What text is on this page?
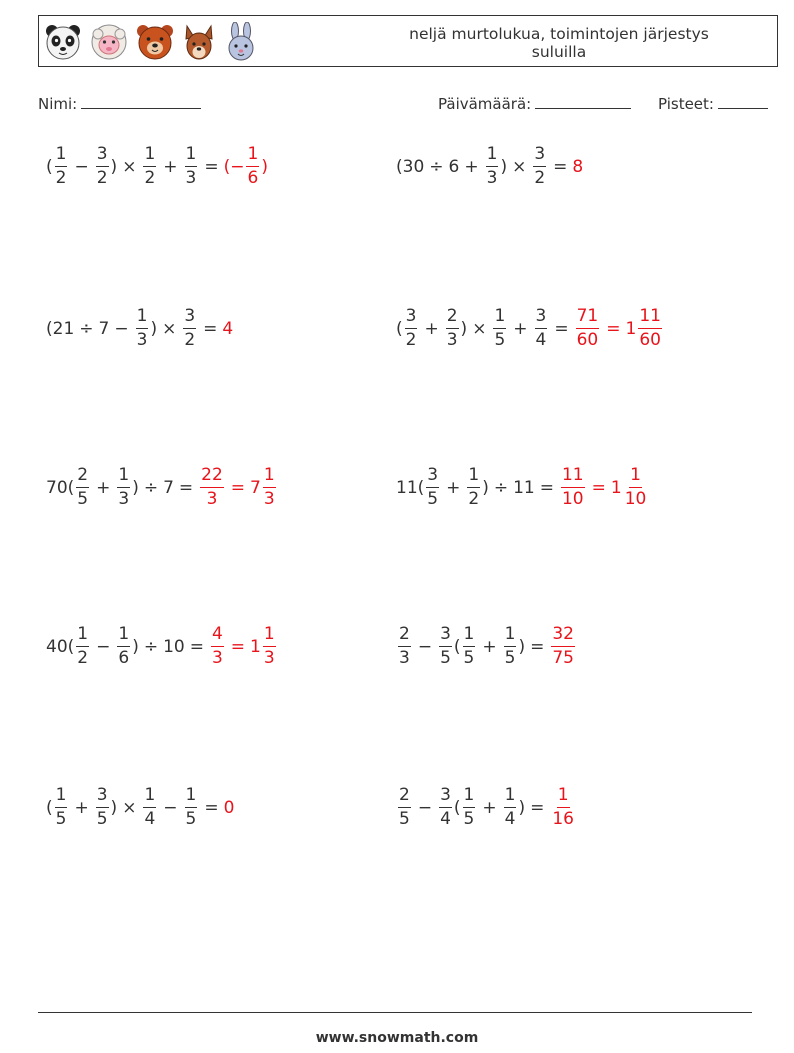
neljä murtolukua, toimintojen järjestys suluilla
Nimi:	Päivämäärä:	Pisteet:
( $\frac{1}{2} - \frac{3}{2}$ )
× $\frac{1}{2} + \frac{1}{3}$ = (− $\frac{1}{6}$ )	( $30 \div 6 + \frac{1}{3}$ )
× $\frac{3}{2} = 8$
( $21 \div 7 - \frac{1}{3}$ )
× $\frac{3}{2} = 4$	( $\frac{3}{2} + \frac{2}{3}$ )
× $\frac{1}{5} + \frac{3}{4} = \frac{71}{60} = 1 \frac{11}{60}$
70 ( $\frac{2}{5} + \frac{1}{3}$ )
÷ $7 = \frac{22}{3} = 7 \frac{1}{3}$	11 ( $\frac{3}{5} + \frac{1}{2}$ )
÷ $11 = \frac{11}{10} = 1 \frac{1}{10}$
40 ( $\frac{1}{2} - \frac{1}{6}$ )
÷ $10 = \frac{4}{3} = 1 \frac{1}{3}$	$\frac{2}{3} - \frac{3}{5}$ ( $\frac{1}{5} + \frac{1}{5}$ )
= $\frac{32}{75}$
( $\frac{1}{5} + \frac{3}{5}$ )
× $\frac{1}{4} - \frac{1}{5} = 0$	$\frac{2}{5} - \frac{3}{4}$ ( $\frac{1}{5} + \frac{1}{4}$ )
= $\frac{1}{16}$
www.snowmath.com
